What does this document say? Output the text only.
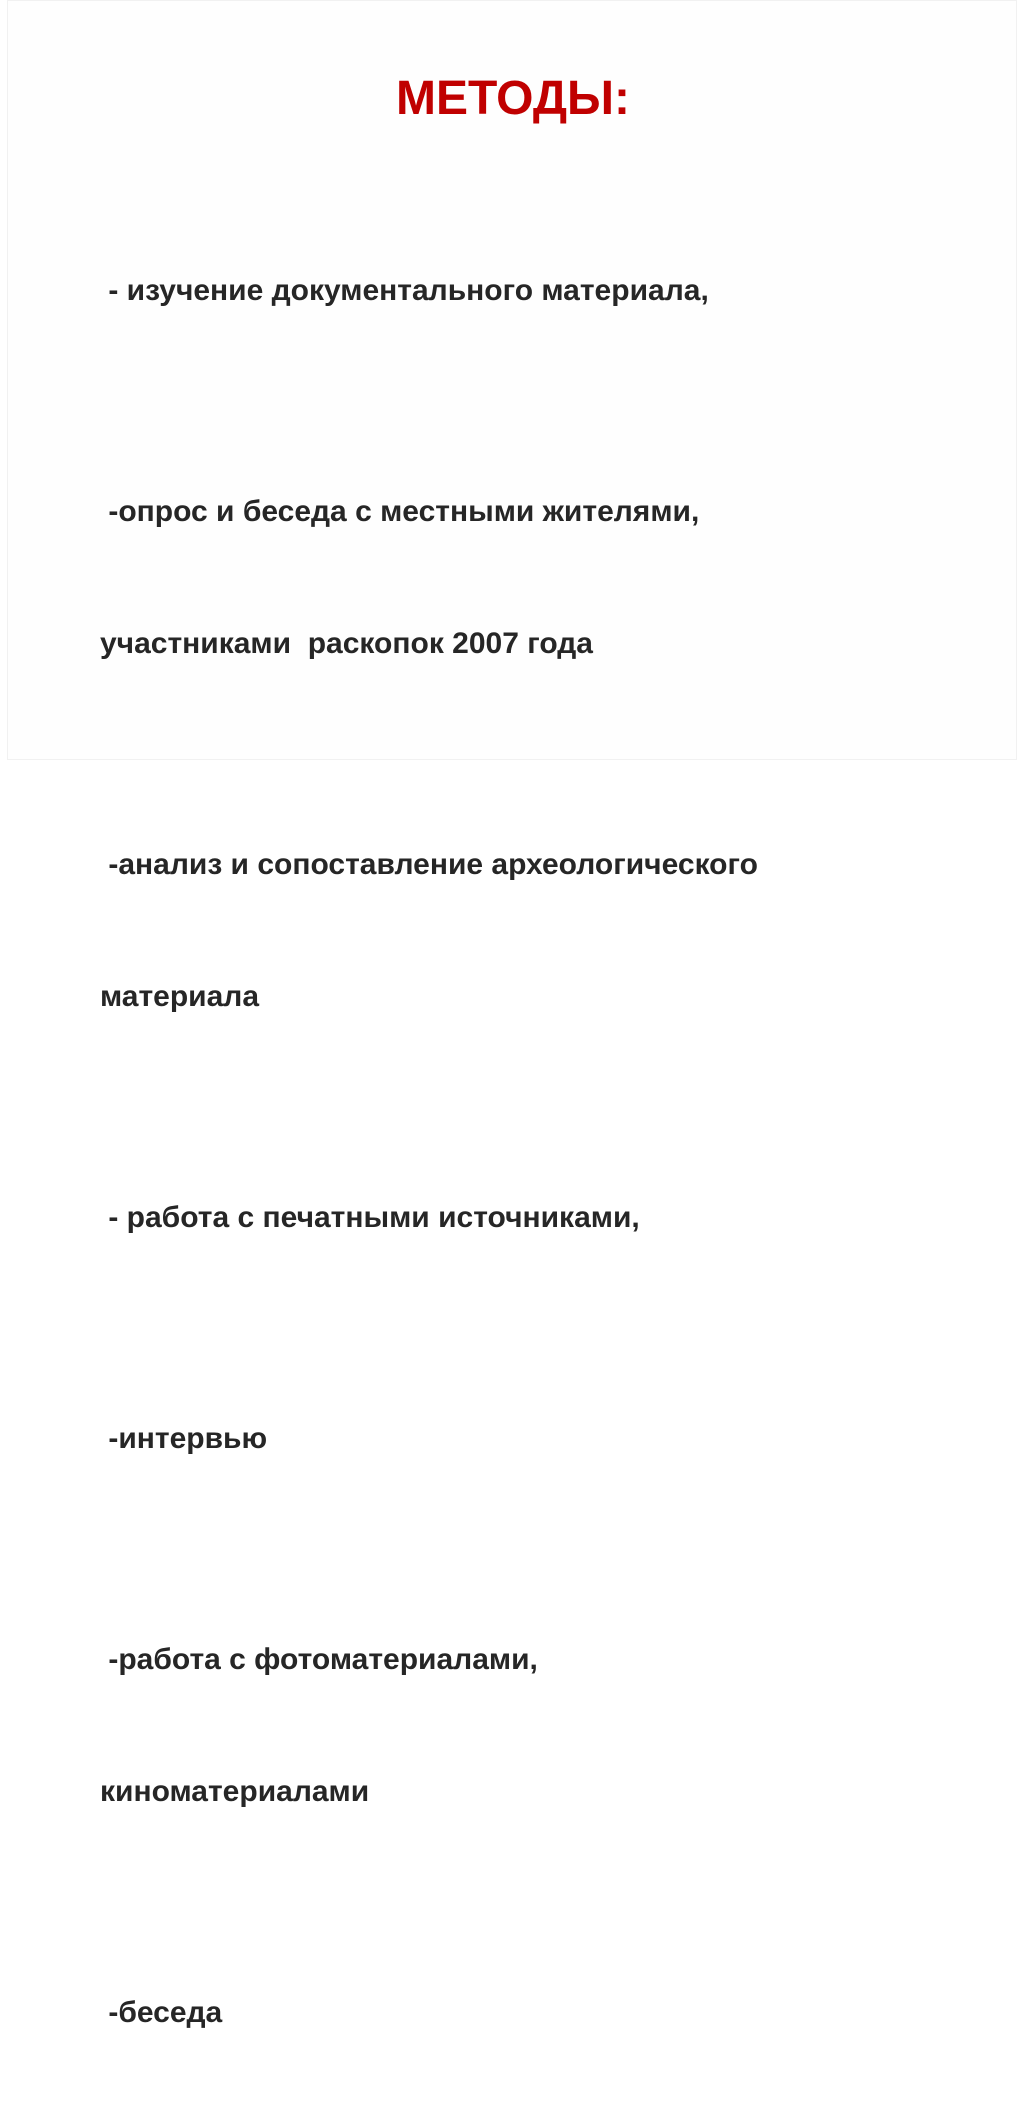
МЕТОДЫ:

- изучение документального материала,

-опрос и беседа с местными жителями,

участниками  раскопок 2007 года

-анализ и сопоставление археологического

материала

- работа с печатными источниками,

-интервью

-работа с фотоматериалами,

киноматериалами

-беседа
